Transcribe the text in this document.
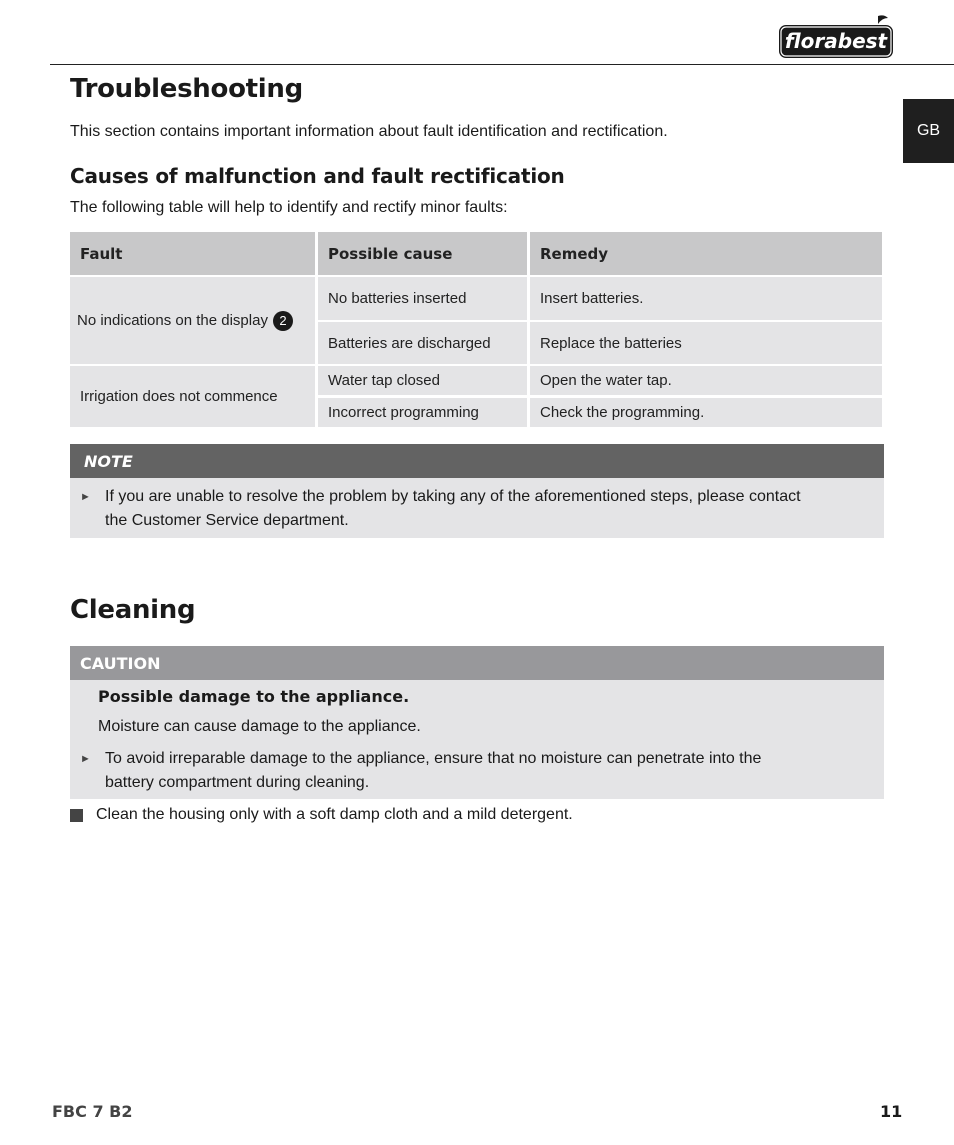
florabest
GB
Troubleshooting
This section contains important information about fault identification and rectification.
Causes of malfunction and fault rectification
The following table will help to identify and rectify minor faults:
Fault	Possible cause	Remedy
No indications on the display 2
No batteries inserted	Insert batteries.
Batteries are discharged	Replace the batteries
Irrigation does not commence
Water tap closed	Open the water tap.
Incorrect programming	Check the programming.
NOTE
► If you are unable to resolve the problem by taking any of the aforementioned steps, please contact
the Customer Service department.
Cleaning
CAUTION
Possible damage to the appliance.
Moisture can cause damage to the appliance.
► To avoid irreparable damage to the appliance, ensure that no moisture can penetrate into the
battery compartment during cleaning.
Clean the housing only with a soft damp cloth and a mild detergent.
FBC 7 B2	11
